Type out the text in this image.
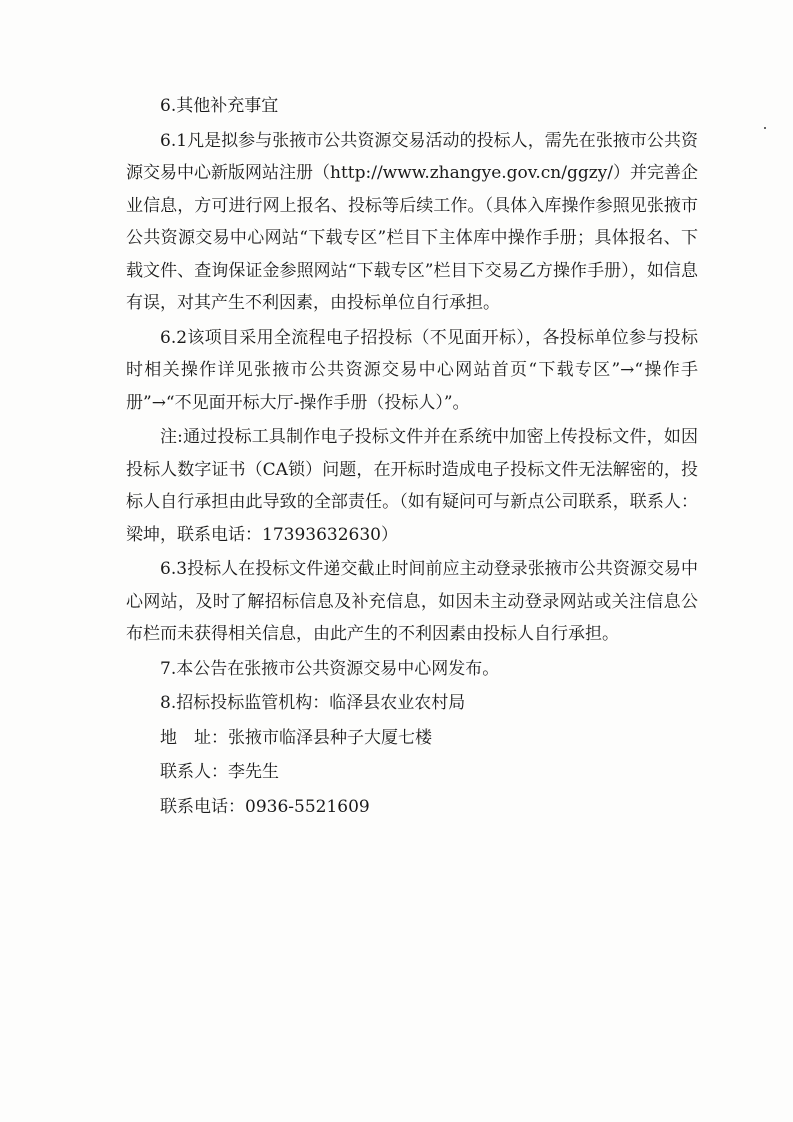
6.其他补充事宜

6.1凡是拟参与张掖市公共资源交易活动的投标人，需先在张掖市公共资源交易中心新版网站注册（http://www.zhangye.gov.cn/ggzy/）并完善企业信息，方可进行网上报名、投标等后续工作。（具体入库操作参照见张掖市公共资源交易中心网站“下载专区”栏目下主体库中操作手册；具体报名、下载文件、查询保证金参照网站“下载专区”栏目下交易乙方操作手册），如信息有误，对其产生不利因素，由投标单位自行承担。

6.2该项目采用全流程电子招投标（不见面开标），各投标单位参与投标时相关操作详见张掖市公共资源交易中心网站首页“下载专区”→“操作手册”→“不见面开标大厅-操作手册（投标人）”。

注:通过投标工具制作电子投标文件并在系统中加密上传投标文件，如因投标人数字证书（CA锁）问题，在开标时造成电子投标文件无法解密的，投标人自行承担由此导致的全部责任。（如有疑问可与新点公司联系，联系人：梁坤，联系电话：17393632630）

6.3投标人在投标文件递交截止时间前应主动登录张掖市公共资源交易中心网站，及时了解招标信息及补充信息，如因未主动登录网站或关注信息公布栏而未获得相关信息，由此产生的不利因素由投标人自行承担。

7.本公告在张掖市公共资源交易中心网发布。

8.招标投标监管机构：临泽县农业农村局

地　址：张掖市临泽县种子大厦七楼

联系人：李先生

联系电话：0936-5521609
